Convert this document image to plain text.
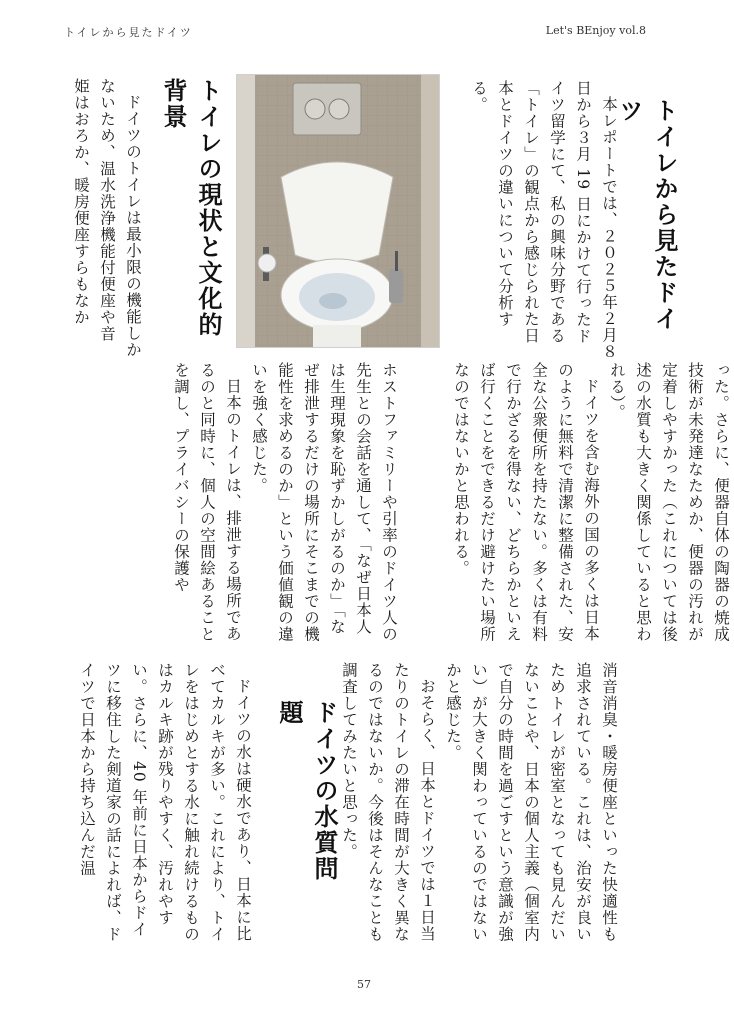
トイレから見たドイツ	Let's BEnjoy vol.8
トイレから見たドイツ
本レポートでは、２０２５年２月８日から３月 19 日にかけて行ったドイツ留学にて、私の興味分野である「トイレ」の観点から感じられた日本とドイツの違いについて分析する。
トイレの現状と文化的背景
ドイツのトイレは最小限の機能しかないため、温水洗浄機能付便座や音姫はおろか、暖房便座すらもなか
った。さらに、便器自体の陶器の焼成技術が未発達なためか、便器の汚れが定着しやすかった（これについては後述の水質も大きく関係していると思われる）。
ドイツを含む海外の国の多くは日本のように無料で清潔に整備された、安全な公衆便所を持たない。多くは有料で行かざるを得ない、どちらかといえば行くことをできるだけ避けたい場所なのではないかと思われる。
ホストファミリーや引率のドイツ人の先生との会話を通して、「なぜ日本人は生理現象を恥ずかしがるのか」「なぜ排泄するだけの場所にそこまでの機能性を求めるのか」という価値観の違いを強く感じた。
日本のトイレは、排泄する場所であるのと同時に、個人の空間絵あることを調し、プライバシーの保護や
消音消臭・暖房便座といった快適性も追求されている。これは、治安が良いためトイレが密室となっても見んだいないことや、日本の個人主義（個室内で自分の時間を過ごすという意識が強い）が大きく関わっているのではないかと感じた。
おそらく、日本とドイツでは１日当たりのトイレの滞在時間が大きく異なるのではないか。今後はそんなことも調査してみたいと思った。
ドイツの水質問題
ドイツの水は硬水であり、日本に比べてカルキが多い。これにより、トイレをはじめとする水に触れ続けるものはカルキ跡が残りやすく、汚れやすい。さらに、40 年前に日本からドイツに移住した剣道家の話によれば、ドイツで日本から持ち込んだ温
57
